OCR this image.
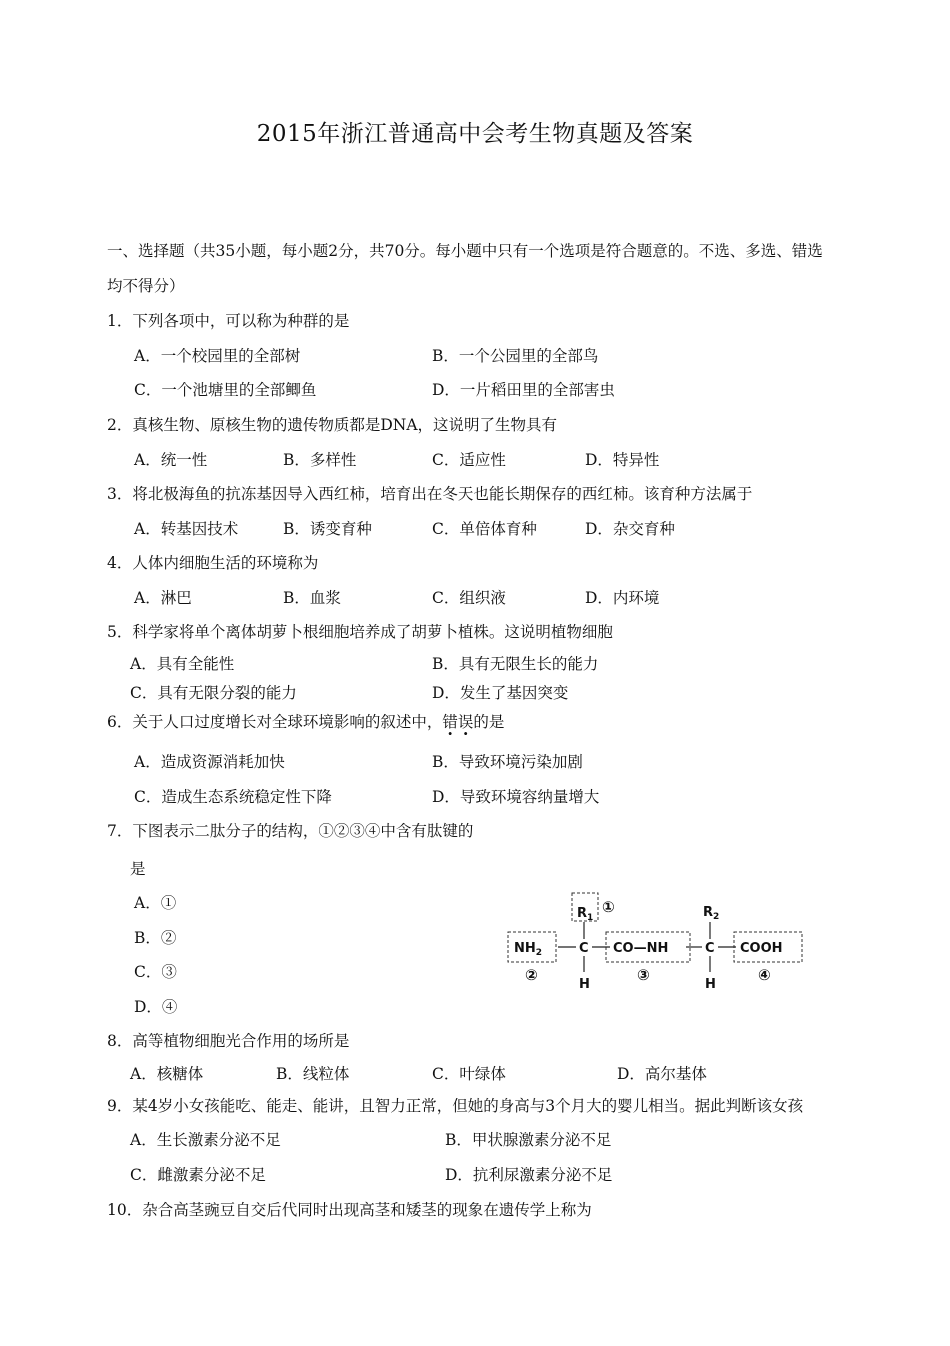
2015年浙江普通高中会考生物真题及答案
一、选择题（共35小题，每小题2分，共70分。每小题中只有一个选项是符合题意的。不选、多选、错选
均不得分）
1．下列各项中，可以称为种群的是
A．一个校园里的全部树	B．一个公园里的全部鸟
C．一个池塘里的全部鲫鱼	D．一片稻田里的全部害虫
2．真核生物、原核生物的遗传物质都是DNA，这说明了生物具有
A．统一性	B．多样性	C．适应性	D．特异性
3．将北极海鱼的抗冻基因导入西红柿，培育出在冬天也能长期保存的西红柿。该育种方法属于
A．转基因技术	B．诱变育种	C．单倍体育种	D．杂交育种
4．人体内细胞生活的环境称为
A．淋巴	B．血浆	C．组织液	D．内环境
5．科学家将单个离体胡萝卜根细胞培养成了胡萝卜植株。这说明植物细胞
A．具有全能性	B．具有无限生长的能力
C．具有无限分裂的能力	D．发生了基因突变
6．关于人口过度增长对全球环境影响的叙述中，错误的是
A．造成资源消耗加快	B．导致环境污染加剧
C．造成生态系统稳定性下降	D．导致环境容纳量增大
7．下图表示二肽分子的结构，①②③④中含有肽键的
是
A．①
B．②
C．③
D．④
$R_1$	$R_2$
$NH_2$	C CO—NH	C COOH
H	H
①
②	③	④
8．高等植物细胞光合作用的场所是
A．核糖体	B．线粒体	C．叶绿体	D．高尔基体
9．某4岁小女孩能吃、能走、能讲，且智力正常，但她的身高与3个月大的婴儿相当。据此判断该女孩
A．生长激素分泌不足	B．甲状腺激素分泌不足
C．雌激素分泌不足	D．抗利尿激素分泌不足
10．杂合高茎豌豆自交后代同时出现高茎和矮茎的现象在遗传学上称为
